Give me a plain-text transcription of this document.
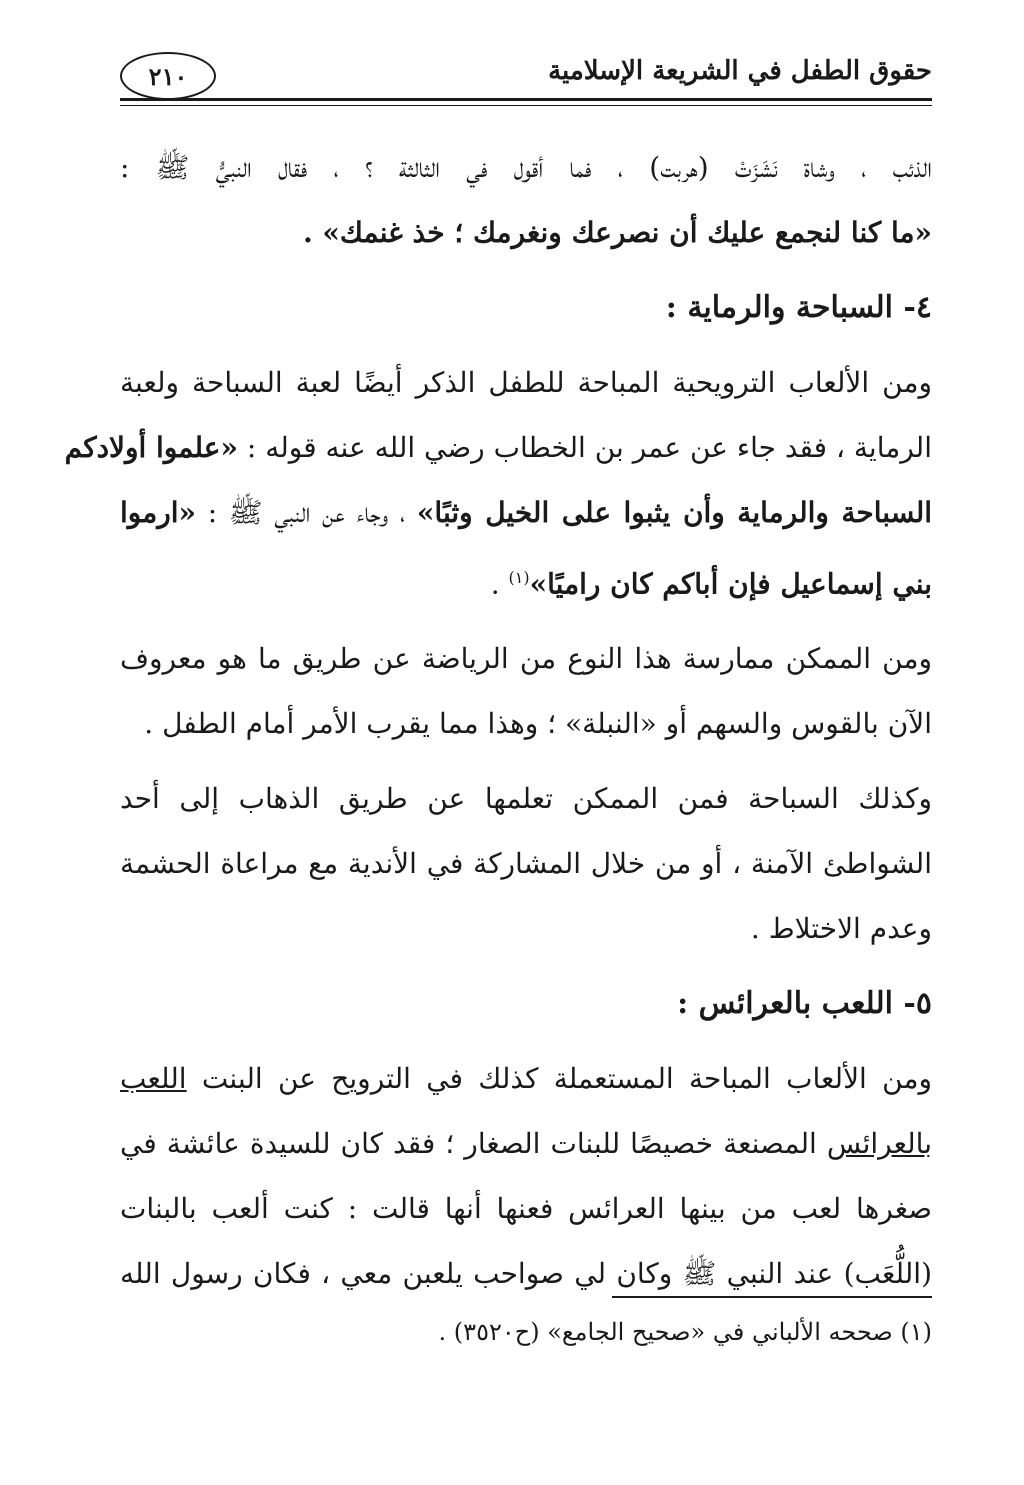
٢١٠	حقوق الطفل في الشريعة الإسلامية
الذئب ، وشاة نَشَزَتْ (هربت) ، فما أقول في الثالثة ؟ ، فقال النبيُّ ﷺ :
«ما كنا لنجمع عليك أن نصرعك ونغرمك ؛ خذ غنمك» .
٤- السباحة والرماية :
ومن الألعاب الترويحية المباحة للطفل الذكر أيضًا لعبة السباحة ولعبة
الرماية ، فقد جاء عن عمر بن الخطاب رضي الله عنه قوله : «علموا أولادكم
السباحة والرماية وأن يثبوا على الخيل وثبًا» ، وجاء عن النبي ﷺ : «ارموا
بني إسماعيل فإن أباكم كان راميًا»$^{(١)}$ .
ومن الممكن ممارسة هذا النوع من الرياضة عن طريق ما هو معروف
الآن بالقوس والسهم أو «النبلة» ؛ وهذا مما يقرب الأمر أمام الطفل .
وكذلك السباحة فمن الممكن تعلمها عن طريق الذهاب إلى أحد
الشواطئ الآمنة ، أو من خلال المشاركة في الأندية مع مراعاة الحشمة
وعدم الاختلاط .
٥- اللعب بالعرائس :
ومن الألعاب المباحة المستعملة كذلك في الترويح عن البنت اللعب
بالعرائس المصنعة خصيصًا للبنات الصغار ؛ فقد كان للسيدة عائشة في
صغرها لعب من بينها العرائس فعنها أنها قالت : كنت ألعب بالبنات
(اللُّعَب) عند النبي ﷺ وكان لي صواحب يلعبن معي ، فكان رسول الله
(١) صححه الألباني في «صحيح الجامع» (ح٣٥٢٠) .
